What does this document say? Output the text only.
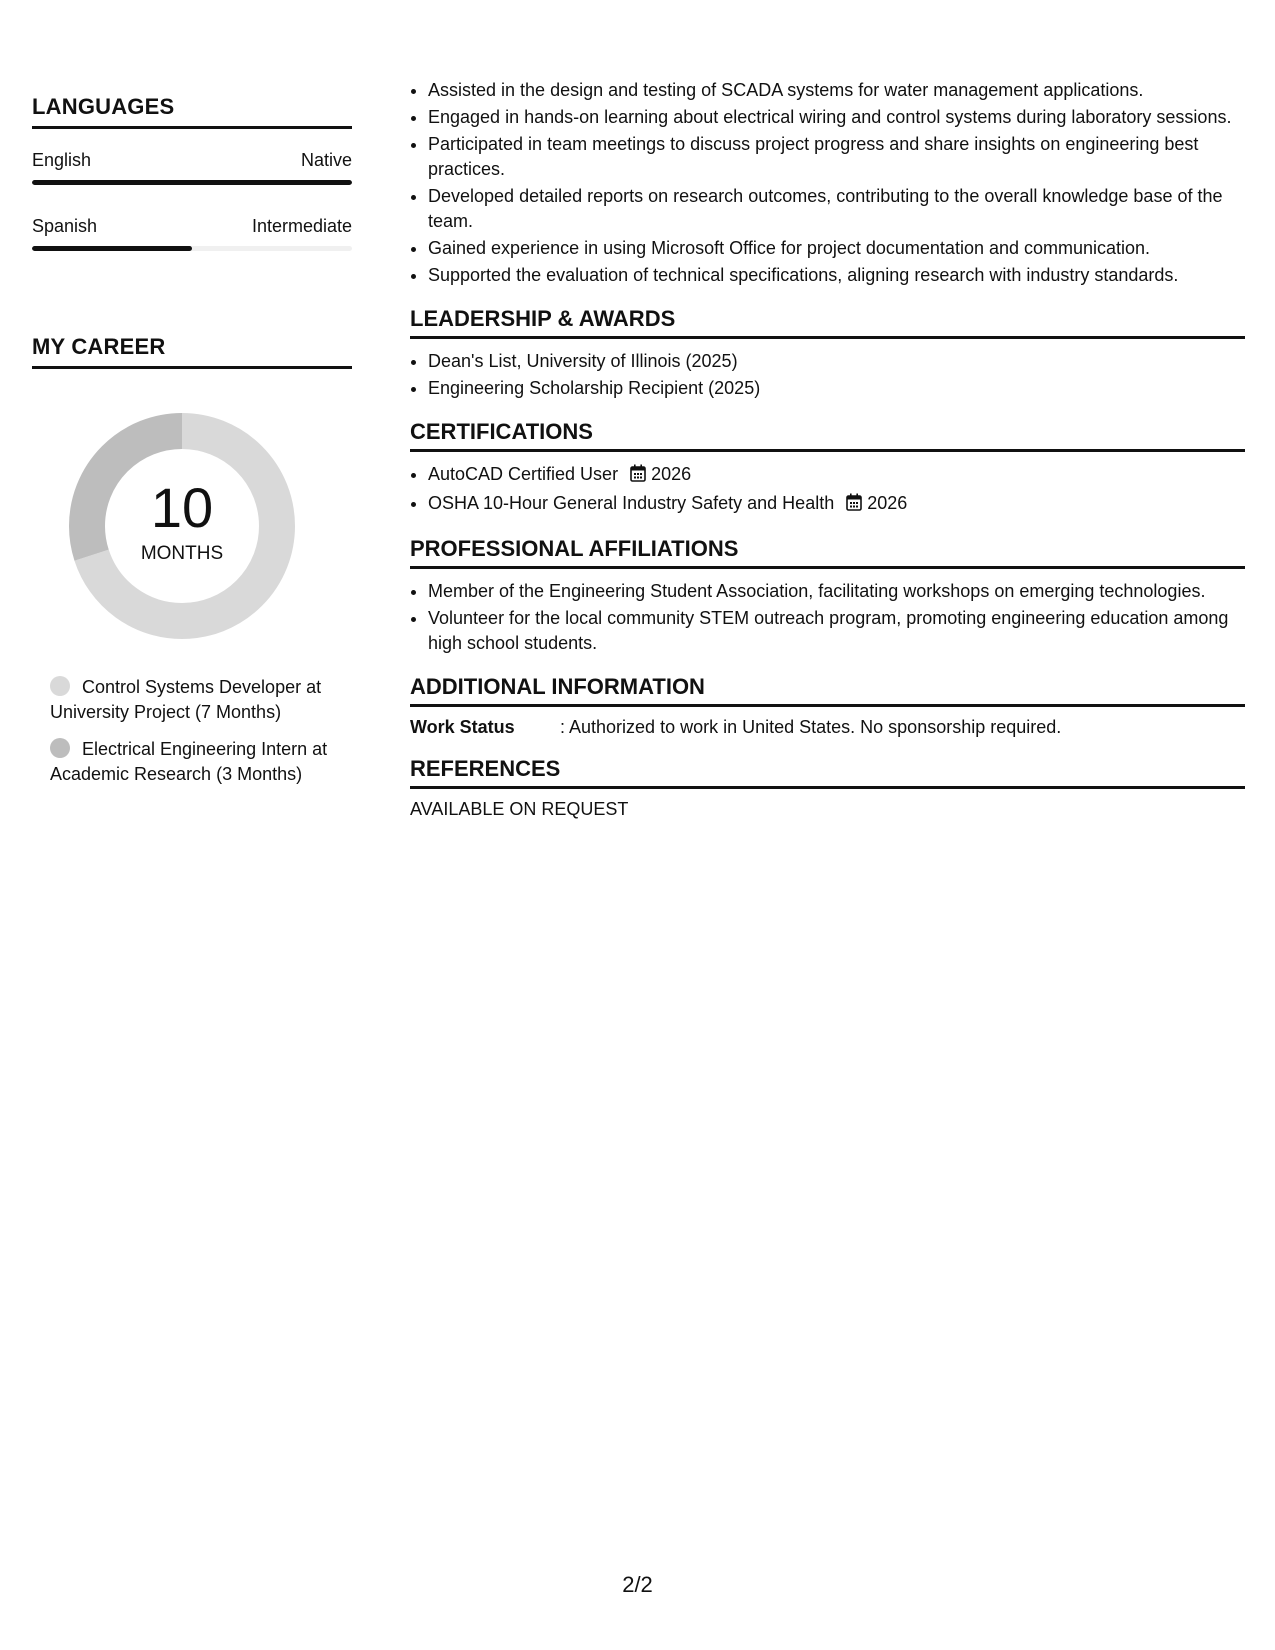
LANGUAGES
English	Native
Spanish	Intermediate
MY CAREER
10
MONTHS
Control Systems Developer at University Project (7 Months)
Electrical Engineering Intern at Academic Research (3 Months)
• Assisted in the design and testing of SCADA systems for water management applications.
• Engaged in hands-on learning about electrical wiring and control systems during laboratory sessions.
• Participated in team meetings to discuss project progress and share insights on engineering best practices.
• Developed detailed reports on research outcomes, contributing to the overall knowledge base of the team.
• Gained experience in using Microsoft Office for project documentation and communication.
• Supported the evaluation of technical specifications, aligning research with industry standards.
LEADERSHIP & AWARDS
• Dean's List, University of Illinois (2025)
• Engineering Scholarship Recipient (2025)
CERTIFICATIONS
• AutoCAD Certified User 2026
• OSHA 10-Hour General Industry Safety and Health 2026
PROFESSIONAL AFFILIATIONS
• Member of the Engineering Student Association, facilitating workshops on emerging technologies.
• Volunteer for the local community STEM outreach program, promoting engineering education among high school students.
ADDITIONAL INFORMATION
Work Status	: Authorized to work in United States. No sponsorship required.
REFERENCES
AVAILABLE ON REQUEST
2/2
